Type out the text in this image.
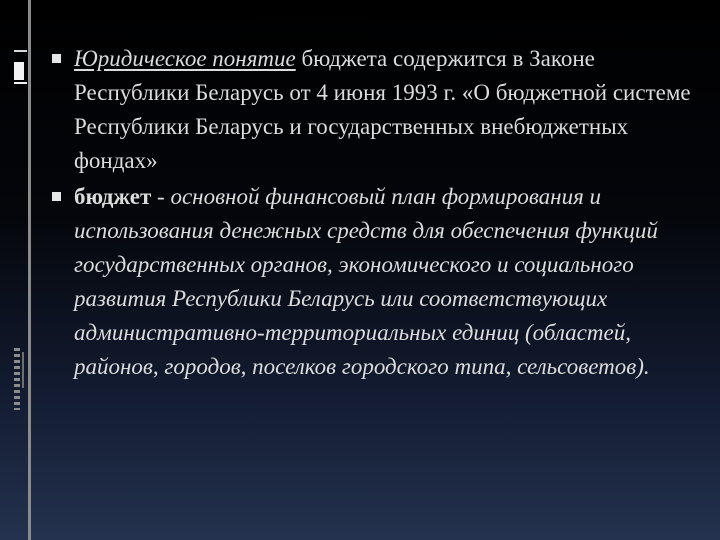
Юридическое понятие бюджета содержится в Законе Республики Беларусь от 4 июня 1993 г. «О бюджетной системе Республики Беларусь и государственных внебюджетных фондах»
бюджет - основной финансовый план формирования и использования денежных средств для обеспечения функций государственных органов, экономического и социального развития Республики Беларусь или соответствующих административно-территориальных единиц (областей, районов, городов, поселков городского типа, сельсоветов).
